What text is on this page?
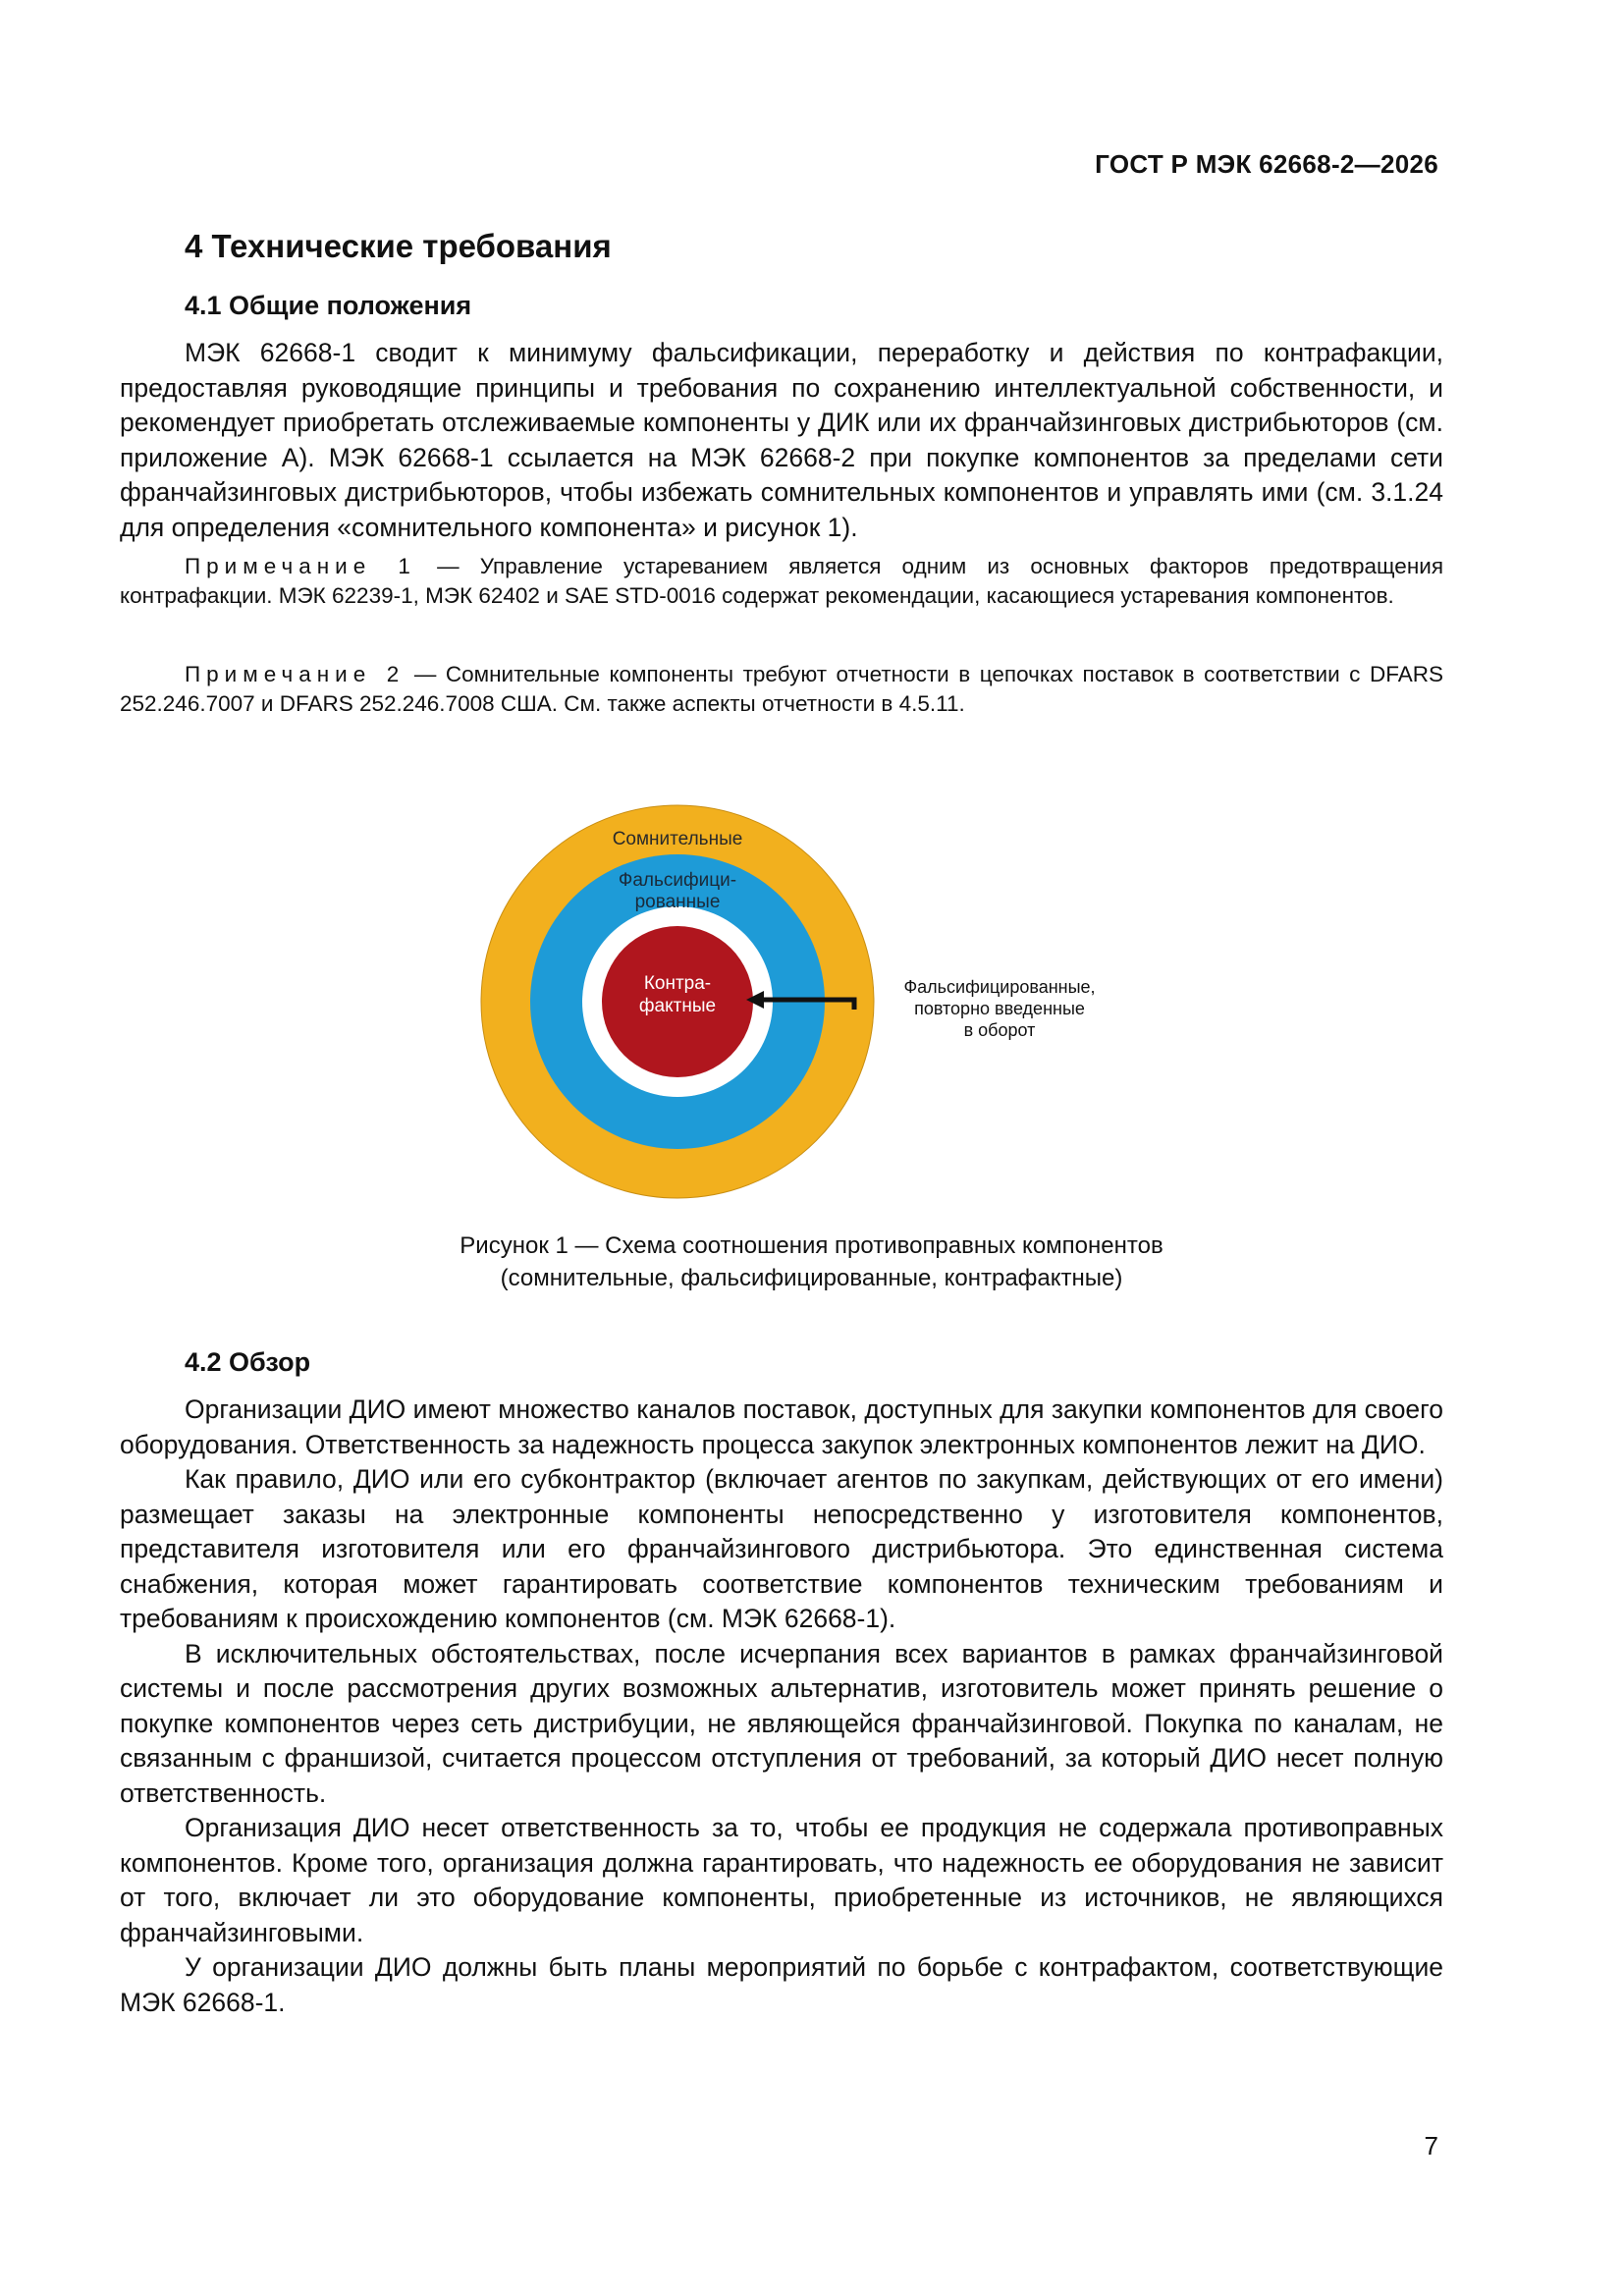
ГОСТ Р МЭК 62668-2—2026
4 Технические требования
4.1 Общие положения

МЭК 62668-1 сводит к минимуму фальсификации, переработку и действия по контрафакции, предоставляя руководящие принципы и требования по сохранению интеллектуальной собственности, и рекомендует приобретать отслеживаемые компоненты у ДИК или их франчайзинговых дистрибьюторов (см. приложение А). МЭК 62668-1 ссылается на МЭК 62668-2 при покупке компонентов за пределами сети франчайзинговых дистрибьюторов, чтобы избежать сомнительных компонентов и управлять ими (см. 3.1.24 для определения «сомнительного компонента» и рисунок 1).

Примечание 1 — Управление устареванием является одним из основных факторов предотвращения контрафакции. МЭК 62239-1, МЭК 62402 и SAE STD-0016 содержат рекомендации, касающиеся устаревания компонентов.

Примечание 2 — Сомнительные компоненты требуют отчетности в цепочках поставок в соответствии с DFARS 252.246.7007 и DFARS 252.246.7008 США. См. также аспекты отчетности в 4.5.11.

Сомнительные
Фальсифици-
рованные
Контра-
фактные
Фальсифицированные,
повторно введенные
в оборот
Рисунок 1 — Схема соотношения противоправных компонентов
(сомнительные, фальсифицированные, контрафактные)
4.2 Обзор

Организации ДИО имеют множество каналов поставок, доступных для закупки компонентов для своего оборудования. Ответственность за надежность процесса закупок электронных компонентов лежит на ДИО.

Как правило, ДИО или его субконтрактор (включает агентов по закупкам, действующих от его имени) размещает заказы на электронные компоненты непосредственно у изготовителя компонентов, представителя изготовителя или его франчайзингового дистрибьютора. Это единственная система снабжения, которая может гарантировать соответствие компонентов техническим требованиям и требованиям к происхождению компонентов (см. МЭК 62668-1).

В исключительных обстоятельствах, после исчерпания всех вариантов в рамках франчайзинговой системы и после рассмотрения других возможных альтернатив, изготовитель может принять решение о покупке компонентов через сеть дистрибуции, не являющейся франчайзинговой. Покупка по каналам, не связанным с франшизой, считается процессом отступления от требований, за который ДИО несет полную ответственность.

Организация ДИО несет ответственность за то, чтобы ее продукция не содержала противоправных компонентов. Кроме того, организация должна гарантировать, что надежность ее оборудования не зависит от того, включает ли это оборудование компоненты, приобретенные из источников, не являющихся франчайзинговыми.

У организации ДИО должны быть планы мероприятий по борьбе с контрафактом, соответствующие МЭК 62668-1.

7
